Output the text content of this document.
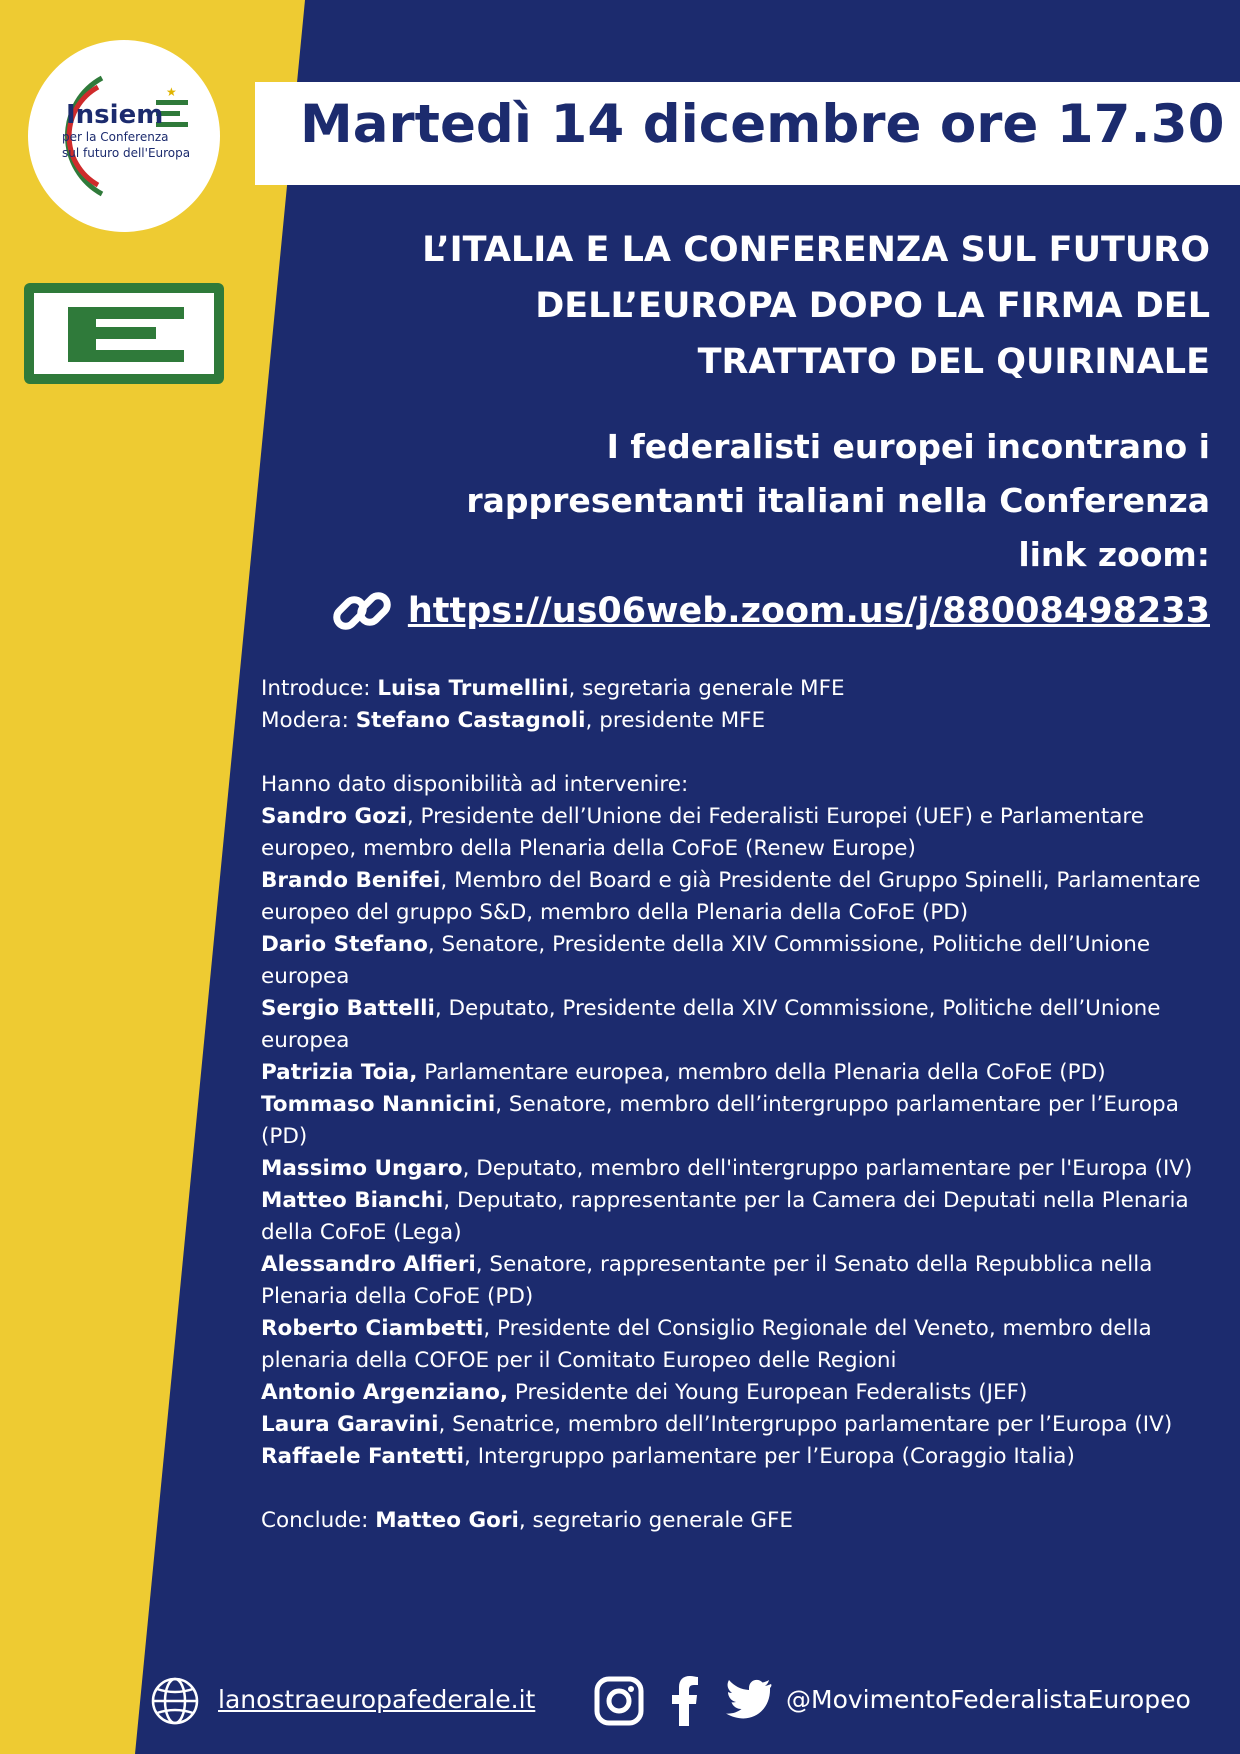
Martedì 14 dicembre ore 17.30
★
Insiem
per la Conferenza
sul futuro dell'Europa
L’ITALIA E LA CONFERENZA SUL FUTURO
DELL’EUROPA DOPO LA FIRMA DEL
TRATTATO DEL QUIRINALE
I federalisti europei incontrano i
rappresentanti italiani nella Conferenza
link zoom:
https://us06web.zoom.us/j/88008498233

Introduce: Luisa Trumellini, segretaria generale MFE

Modera: Stefano Castagnoli, presidente MFE

Hanno dato disponibilità ad intervenire:

Sandro Gozi, Presidente dell’Unione dei Federalisti Europei (UEF) e Parlamentare europeo, membro della Plenaria della CoFoE (Renew Europe)

Brando Benifei, Membro del Board e già Presidente del Gruppo Spinelli, Parlamentare europeo del gruppo S&D, membro della Plenaria della CoFoE (PD)

Dario Stefano, Senatore, Presidente della XIV Commissione, Politiche dell’Unione europea

Sergio Battelli, Deputato, Presidente della XIV Commissione, Politiche dell’Unione europea

Patrizia Toia, Parlamentare europea, membro della Plenaria della CoFoE (PD)

Tommaso Nannicini, Senatore, membro dell’intergruppo parlamentare per l’Europa (PD)

Massimo Ungaro, Deputato, membro dell'intergruppo parlamentare per l'Europa (IV)

Matteo Bianchi, Deputato, rappresentante per la Camera dei Deputati nella Plenaria della CoFoE (Lega)

Alessandro Alfieri, Senatore, rappresentante per il Senato della Repubblica nella Plenaria della CoFoE (PD)

Roberto Ciambetti, Presidente del Consiglio Regionale del Veneto, membro della plenaria della COFOE per il Comitato Europeo delle Regioni

Antonio Argenziano, Presidente dei Young European Federalists (JEF)

Laura Garavini, Senatrice, membro dell’Intergruppo parlamentare per l’Europa (IV)

Raffaele Fantetti, Intergruppo parlamentare per l’Europa (Coraggio Italia)

Conclude: Matteo Gori, segretario generale GFE

lanostraeuropafederale.it	@MovimentoFederalistaEuropeo
